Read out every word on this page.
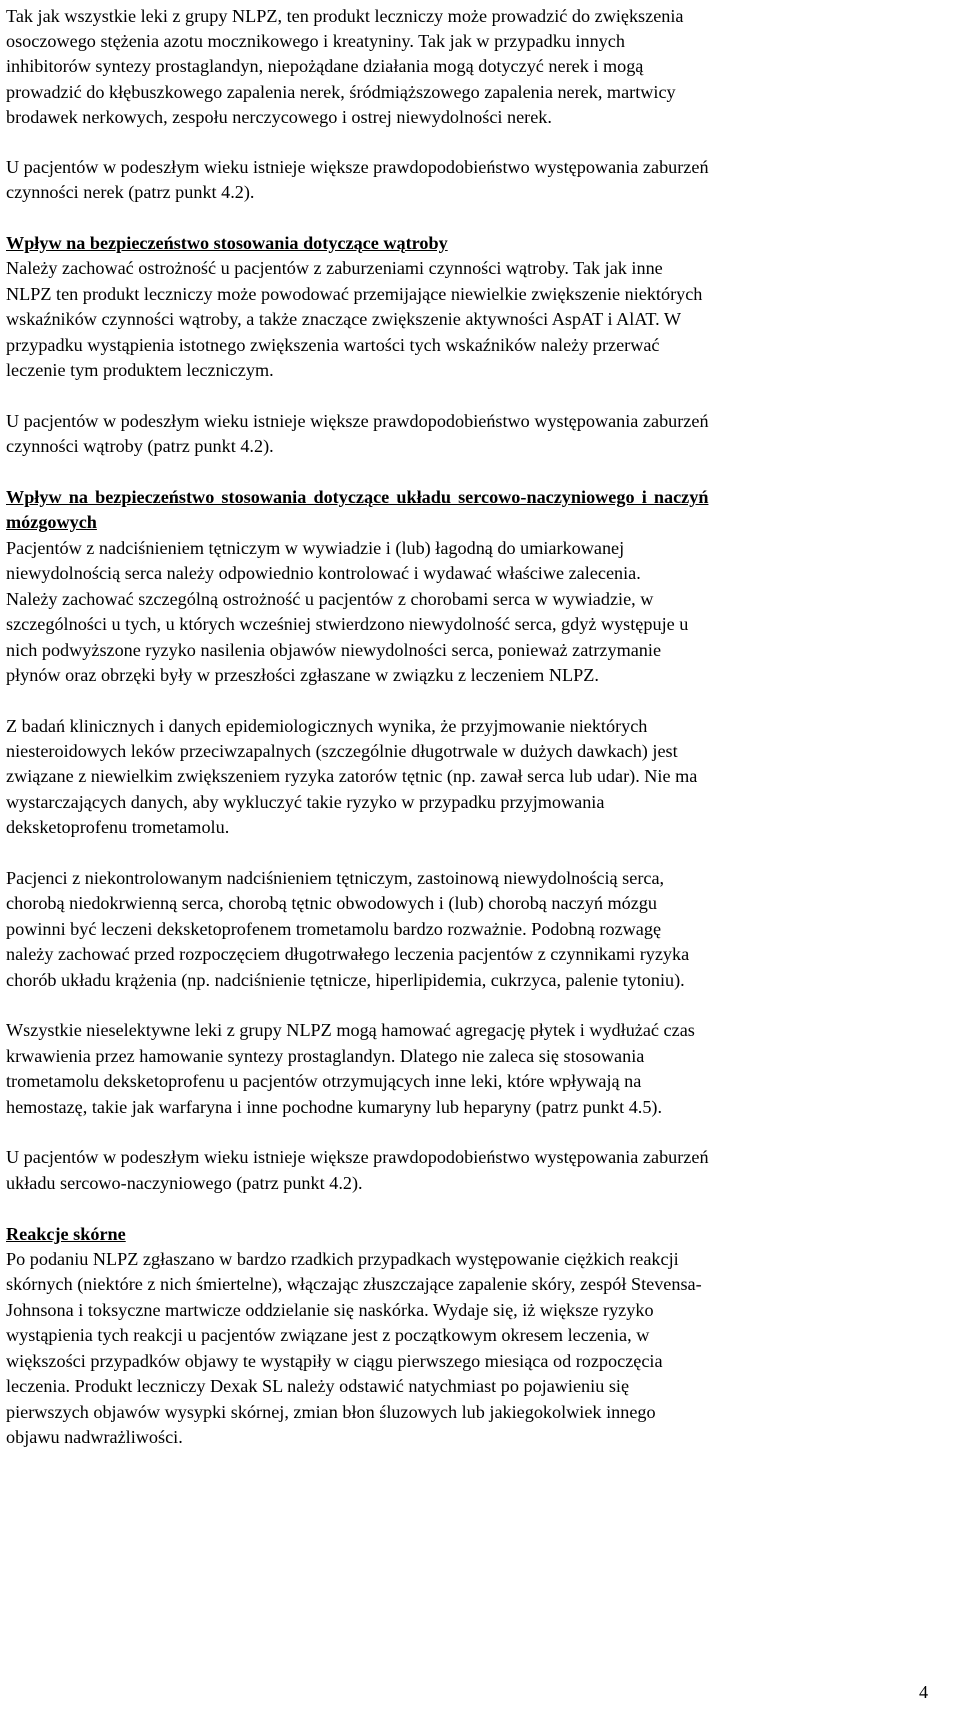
Tak jak wszystkie leki z grupy NLPZ, ten produkt leczniczy może prowadzić do zwiększenia
osoczowego stężenia azotu mocznikowego i kreatyniny. Tak jak w przypadku innych
inhibitorów syntezy prostaglandyn, niepożądane działania mogą dotyczyć nerek i mogą
prowadzić do kłębuszkowego zapalenia nerek, śródmiąższowego zapalenia nerek, martwicy
brodawek nerkowych, zespołu nerczycowego i ostrej niewydolności nerek.
U pacjentów w podeszłym wieku istnieje większe prawdopodobieństwo występowania zaburzeń
czynności nerek (patrz punkt 4.2).
Wpływ na bezpieczeństwo stosowania dotyczące wątroby
Należy zachować ostrożność u pacjentów z zaburzeniami czynności wątroby. Tak jak inne
NLPZ ten produkt leczniczy może powodować przemijające niewielkie zwiększenie niektórych
wskaźników czynności wątroby, a także znaczące zwiększenie aktywności AspAT i AlAT. W
przypadku wystąpienia istotnego zwiększenia wartości tych wskaźników należy przerwać
leczenie tym produktem leczniczym.
U pacjentów w podeszłym wieku istnieje większe prawdopodobieństwo występowania zaburzeń
czynności wątroby (patrz punkt 4.2).
Wpływ na bezpieczeństwo stosowania dotyczące układu sercowo-naczyniowego i naczyń
mózgowych
Pacjentów z nadciśnieniem tętniczym w wywiadzie i (lub) łagodną do umiarkowanej
niewydolnością serca należy odpowiednio kontrolować i wydawać właściwe zalecenia.
Należy zachować szczególną ostrożność u pacjentów z chorobami serca w wywiadzie, w
szczególności u tych, u których wcześniej stwierdzono niewydolność serca, gdyż występuje u
nich podwyższone ryzyko nasilenia objawów niewydolności serca, ponieważ zatrzymanie
płynów oraz obrzęki były w przeszłości zgłaszane w związku z leczeniem NLPZ.
Z badań klinicznych i danych epidemiologicznych wynika, że przyjmowanie niektórych
niesteroidowych leków przeciwzapalnych (szczególnie długotrwale w dużych dawkach) jest
związane z niewielkim zwiększeniem ryzyka zatorów tętnic (np. zawał serca lub udar). Nie ma
wystarczających danych, aby wykluczyć takie ryzyko w przypadku przyjmowania
deksketoprofenu trometamolu.
Pacjenci z niekontrolowanym nadciśnieniem tętniczym, zastoinową niewydolnością serca,
chorobą niedokrwienną serca, chorobą tętnic obwodowych i (lub) chorobą naczyń mózgu
powinni być leczeni deksketoprofenem trometamolu bardzo rozważnie. Podobną rozwagę
należy zachować przed rozpoczęciem długotrwałego leczenia pacjentów z czynnikami ryzyka
chorób układu krążenia (np. nadciśnienie tętnicze, hiperlipidemia, cukrzyca, palenie tytoniu).
Wszystkie nieselektywne leki z grupy NLPZ mogą hamować agregację płytek i wydłużać czas
krwawienia przez hamowanie syntezy prostaglandyn. Dlatego nie zaleca się stosowania
trometamolu deksketoprofenu u pacjentów otrzymujących inne leki, które wpływają na
hemostazę, takie jak warfaryna i inne pochodne kumaryny lub heparyny (patrz punkt 4.5).
U pacjentów w podeszłym wieku istnieje większe prawdopodobieństwo występowania zaburzeń
układu sercowo-naczyniowego (patrz punkt 4.2).
Reakcje skórne
Po podaniu NLPZ zgłaszano w bardzo rzadkich przypadkach występowanie ciężkich reakcji
skórnych (niektóre z nich śmiertelne), włączając złuszczające zapalenie skóry, zespół Stevensa-
Johnsona i toksyczne martwicze oddzielanie się naskórka. Wydaje się, iż większe ryzyko
wystąpienia tych reakcji u pacjentów związane jest z początkowym okresem leczenia, w
większości przypadków objawy te wystąpiły w ciągu pierwszego miesiąca od rozpoczęcia
leczenia. Produkt leczniczy Dexak SL należy odstawić natychmiast po pojawieniu się
pierwszych objawów wysypki skórnej, zmian błon śluzowych lub jakiegokolwiek innego
objawu nadwrażliwości.
4
